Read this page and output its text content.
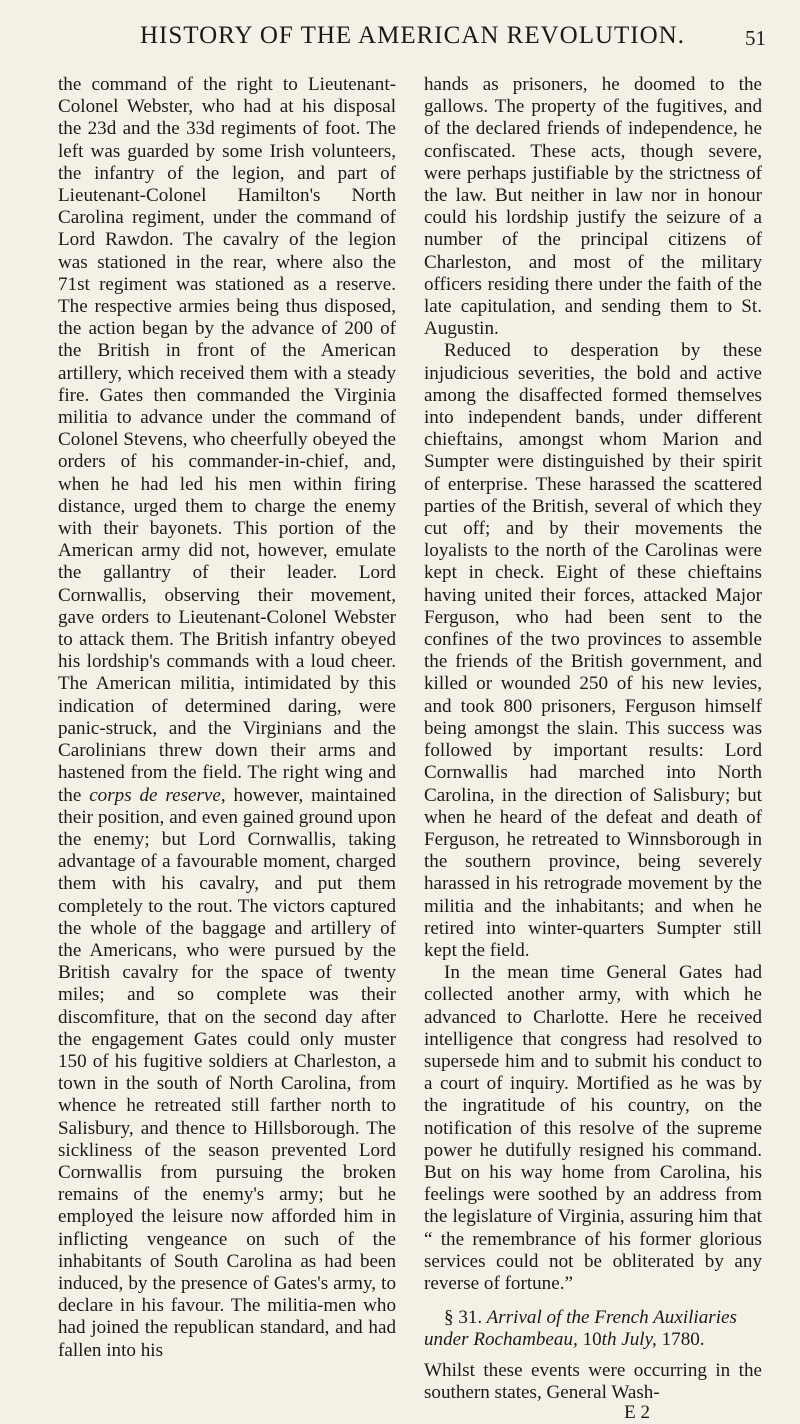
HISTORY OF THE AMERICAN REVOLUTION.	51

the command of the right to Lieutenant-Colonel Webster, who had at his disposal the 23d and the 33d regiments of foot. The left was guarded by some Irish volunteers, the infantry of the legion, and part of Lieutenant-Colonel Hamilton's North Carolina regiment, under the command of Lord Rawdon. The cavalry of the legion was stationed in the rear, where also the 71st regiment was stationed as a reserve. The respective armies being thus disposed, the action began by the advance of 200 of the British in front of the American artillery, which received them with a steady fire. Gates then commanded the Virginia militia to advance under the command of Colonel Stevens, who cheerfully obeyed the orders of his commander-in-chief, and, when he had led his men within firing distance, urged them to charge the enemy with their bayonets. This portion of the American army did not, however, emulate the gallantry of their leader. Lord Cornwallis, observing their movement, gave orders to Lieutenant-Colonel Webster to attack them. The British infantry obeyed his lordship's commands with a loud cheer. The American militia, intimidated by this indication of determined daring, were panic-struck, and the Virginians and the Carolinians threw down their arms and hastened from the field. The right wing and the corps de reserve, however, maintained their position, and even gained ground upon the enemy; but Lord Cornwallis, taking advantage of a favourable moment, charged them with his cavalry, and put them completely to the rout. The victors captured the whole of the baggage and artillery of the Americans, who were pursued by the British cavalry for the space of twenty miles; and so complete was their discomfiture, that on the second day after the engagement Gates could only muster 150 of his fugitive soldiers at Charleston, a town in the south of North Carolina, from whence he retreated still farther north to Salisbury, and thence to Hillsborough. The sickliness of the season prevented Lord Cornwallis from pursuing the broken remains of the enemy's army; but he employed the leisure now afforded him in inflicting vengeance on such of the inhabitants of South Carolina as had been induced, by the presence of Gates's army, to declare in his favour. The militia-men who had joined the republican standard, and had fallen into his

hands as prisoners, he doomed to the gallows. The property of the fugitives, and of the declared friends of independence, he confiscated. These acts, though severe, were perhaps justifiable by the strictness of the law. But neither in law nor in honour could his lordship justify the seizure of a number of the principal citizens of Charleston, and most of the military officers residing there under the faith of the late capitulation, and sending them to St. Augustin.

Reduced to desperation by these injudicious severities, the bold and active among the disaffected formed themselves into independent bands, under different chieftains, amongst whom Marion and Sumpter were distinguished by their spirit of enterprise. These harassed the scattered parties of the British, several of which they cut off; and by their movements the loyalists to the north of the Carolinas were kept in check. Eight of these chieftains having united their forces, attacked Major Ferguson, who had been sent to the confines of the two provinces to assemble the friends of the British government, and killed or wounded 250 of his new levies, and took 800 prisoners, Ferguson himself being amongst the slain. This success was followed by important results: Lord Cornwallis had marched into North Carolina, in the direction of Salisbury; but when he heard of the defeat and death of Ferguson, he retreated to Winnsborough in the southern province, being severely harassed in his retrograde movement by the militia and the inhabitants; and when he retired into winter-quarters Sumpter still kept the field.

In the mean time General Gates had collected another army, with which he advanced to Charlotte. Here he received intelligence that congress had resolved to supersede him and to submit his conduct to a court of inquiry. Mortified as he was by the ingratitude of his country, on the notification of this resolve of the supreme power he dutifully resigned his command. But on his way home from Carolina, his feelings were soothed by an address from the legislature of Virginia, assuring him that “ the remembrance of his former glorious services could not be obliterated by any reverse of fortune.”

§ 31. Arrival of the French Auxiliaries under Rochambeau, 10th July, 1780.

Whilst these events were occurring in the southern states, General Wash-

E 2
